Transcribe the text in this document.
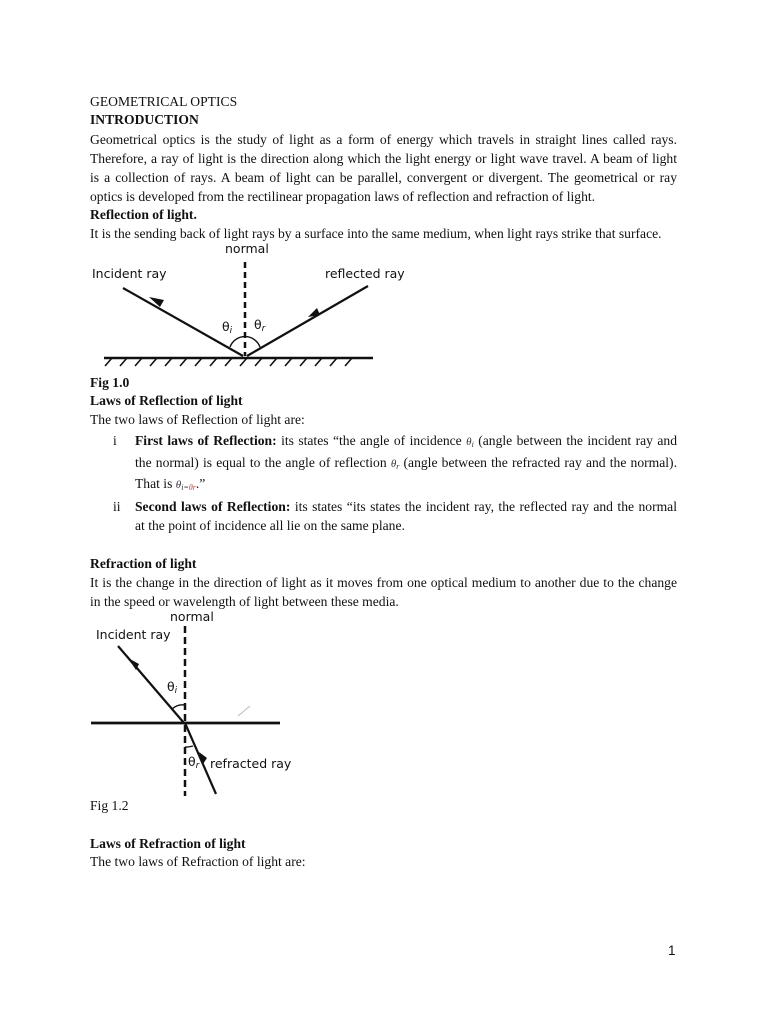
GEOMETRICAL OPTICS
INTRODUCTION
Geometrical optics is the study of light as a form of energy which travels in straight lines called rays.
Therefore, a ray of light is the direction along which the light energy or light wave travel. A beam of light
is a collection of rays. A beam of light can be parallel, convergent or divergent. The geometrical or ray
optics is developed from the rectilinear propagation laws of reflection and refraction of light.
Reflection of light.
It is the sending back of light rays by a surface into the same medium, when light rays strike that surface.
normal
Incident ray	reflected ray
θi θr
Fig 1.0
Laws of Reflection of light
The two laws of Reflection of light are:
i First laws of Reflection: its states “the angle of incidence $\theta_i$ (angle between the incident ray and
the normal) is equal to the angle of reflection $\theta_r$ (angle between the refracted ray and the normal).
That is $\theta_{i=\theta r}$.”
ii Second laws of Reflection: its states “its states the incident ray, the reflected ray and the normal
at the point of incidence all lie on the same plane.
Refraction of light
It is the change in the direction of light as it moves from one optical medium to another due to the change
in the speed or wavelength of light between these media.
normal
Incident ray
θi
θr refracted ray
Fig 1.2
Laws of Refraction of light
The two laws of Refraction of light are:
1
